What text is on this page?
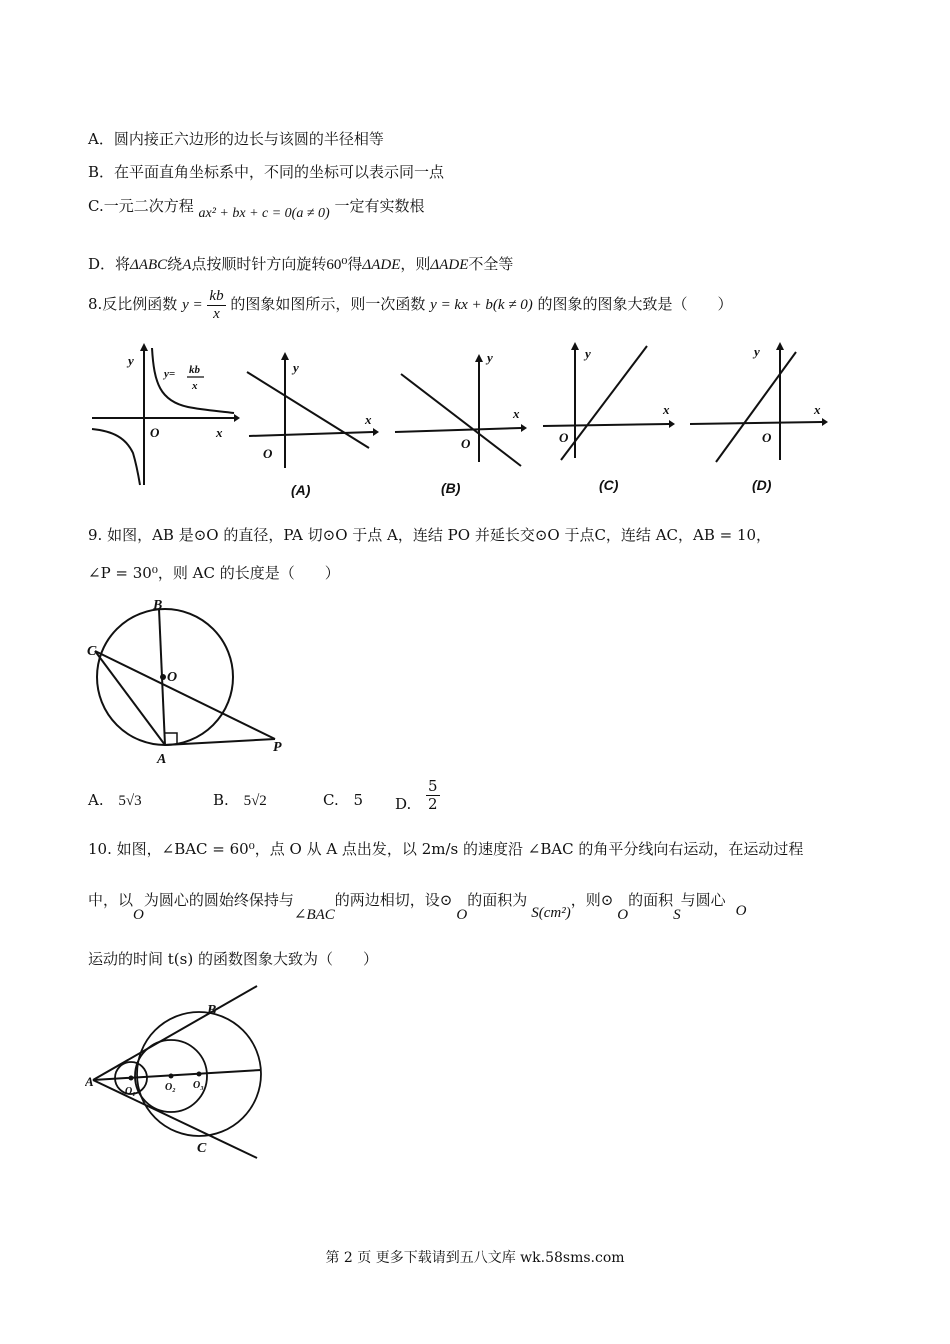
A．圆内接正六边形的边长与该圆的半径相等
B．在平面直角坐标系中，不同的坐标可以表示同一点
C.一元二次方程 ax² + bx + c = 0(a ≠ 0) 一定有实数根
D．将ΔABC绕A点按顺时针方向旋转60⁰得ΔADE，则ΔADE不全等
8.反比例函数 $y = \frac{kb}{x}$ 的图象如图所示，则一次函数 y = kx + b(k ≠ 0) 的图象的图象大致是（　　）
y
x
O
y= kb
x
y
x
O
(A)
y
x
O
(B)
y
x
O
(C)
y
x
O
(D)
9. 如图，AB 是⊙O 的直径，PA 切⊙O 于点 A，连结 PO 并延长交⊙O 于点C，连结 AC，AB = 10，
∠P = 30⁰，则 AC 的长度是（　　）
B
C
O
A
P
A. 5√3	B. 5√2	C. 5 D. $\frac{5}{2}$
10. 如图，∠BAC = 60⁰，点 O 从 A 点出发，以 2m/s 的速度沿 ∠BAC 的角平分线向右运动，在运动过程
中，以O为圆心的圆始终保持与∠BAC的两边相切，设⊙O的面积为S(cm²)，则⊙O的面积S与圆心O
运动的时间 t(s) 的函数图象大致为（　　）
A
B
C
O₁	O₂ O₃
第 2 页 更多下载请到五八文库 wk.58sms.com
